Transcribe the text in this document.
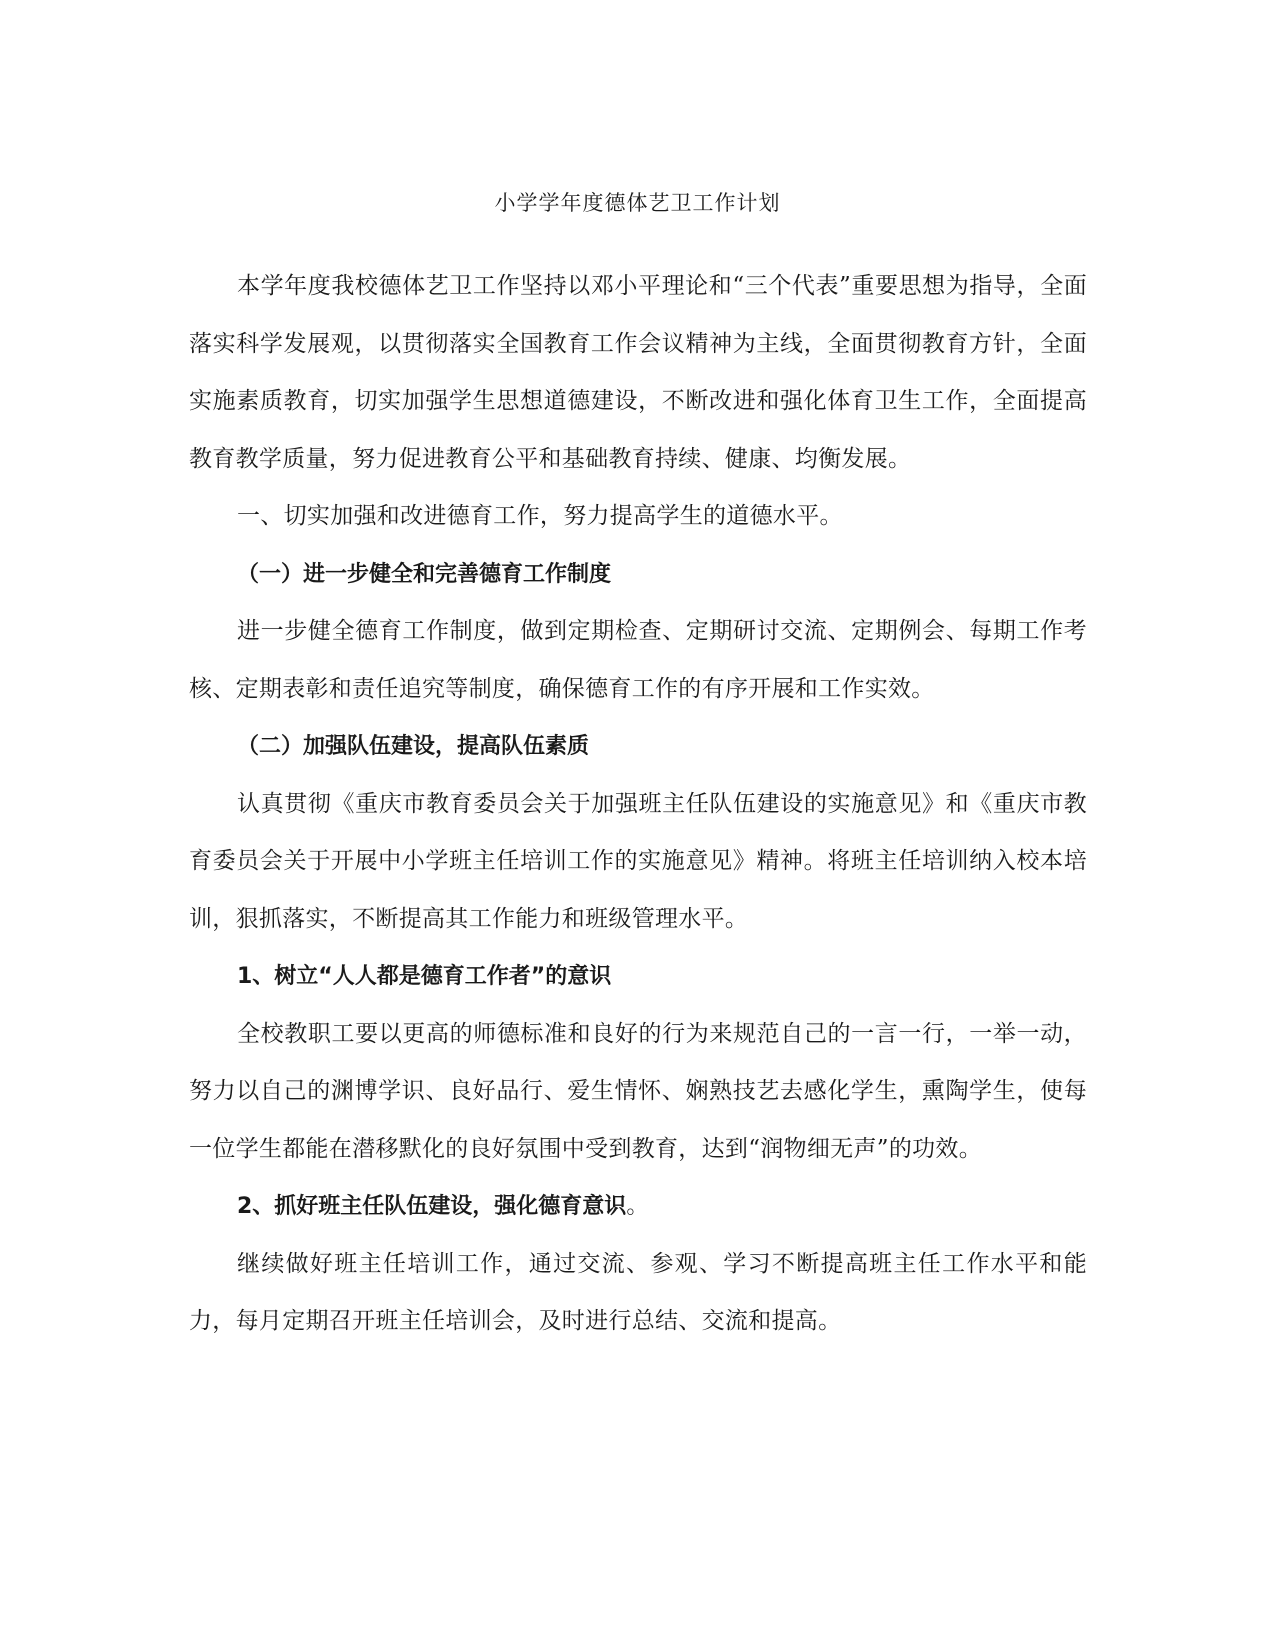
小学学年度德体艺卫工作计划

本学年度我校德体艺卫工作坚持以邓小平理论和“三个代表”重要思想为指导，全面落实科学发展观，以贯彻落实全国教育工作会议精神为主线，全面贯彻教育方针，全面实施素质教育，切实加强学生思想道德建设，不断改进和强化体育卫生工作，全面提高教育教学质量，努力促进教育公平和基础教育持续、健康、均衡发展。

一、切实加强和改进德育工作，努力提高学生的道德水平。

（一）进一步健全和完善德育工作制度

进一步健全德育工作制度，做到定期检查、定期研讨交流、定期例会、每期工作考核、定期表彰和责任追究等制度，确保德育工作的有序开展和工作实效。

（二）加强队伍建设，提高队伍素质

认真贯彻《重庆市教育委员会关于加强班主任队伍建设的实施意见》和《重庆市教育委员会关于开展中小学班主任培训工作的实施意见》精神。将班主任培训纳入校本培训，狠抓落实，不断提高其工作能力和班级管理水平。

1、树立“人人都是德育工作者”的意识

全校教职工要以更高的师德标准和良好的行为来规范自己的一言一行，一举一动，努力以自己的渊博学识、良好品行、爱生情怀、娴熟技艺去感化学生，熏陶学生，使每一位学生都能在潜移默化的良好氛围中受到教育，达到“润物细无声”的功效。

2、抓好班主任队伍建设，强化德育意识。

继续做好班主任培训工作，通过交流、参观、学习不断提高班主任工作水平和能力，每月定期召开班主任培训会，及时进行总结、交流和提高。
